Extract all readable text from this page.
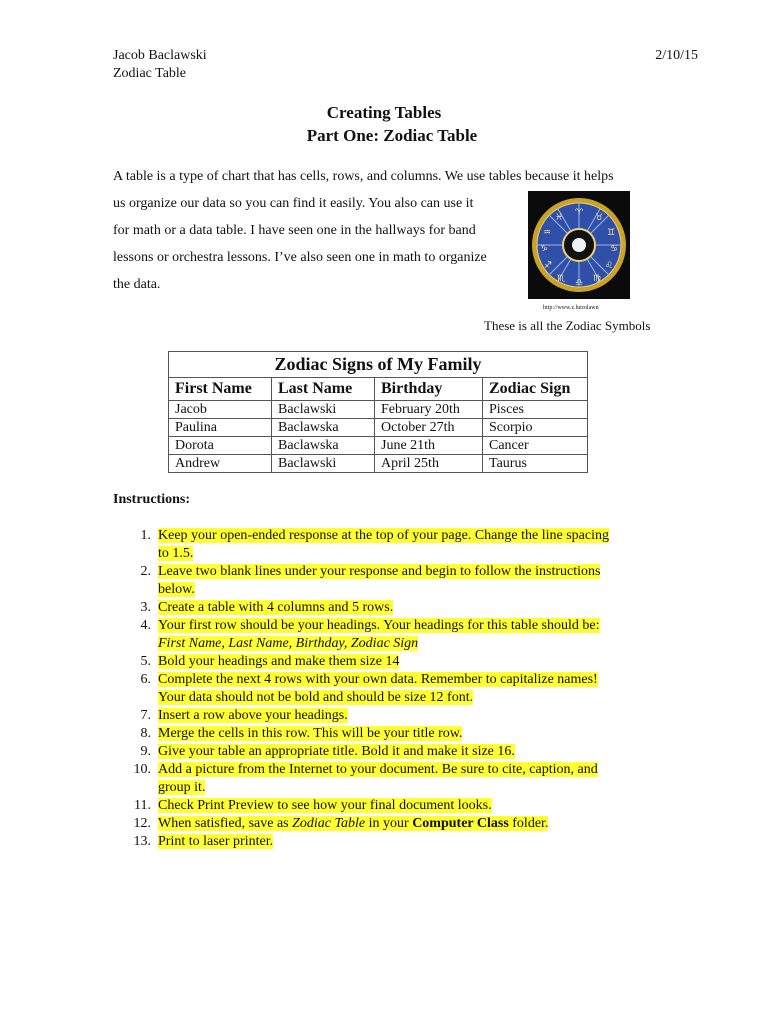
Jacob Baclawski
Zodiac Table
2/10/15
Creating Tables
Part One: Zodiac Table
A table is a type of chart that has cells, rows, and columns. We use tables because it helps
us organize our data so you can find it easily. You also can use it
for math or a data table. I have seen one in the hallways for band
lessons or orchestra lessons. I’ve also seen one in math to organize
the data.
♈ ♉
♊
♋
♌
♍
♎
♏
♐
♑
♒
♓
http://www.z.hezolawn
These is all the Zodiac Symbols
Zodiac Signs of My Family			
First Name	Last Name	Birthday	Zodiac Sign
Jacob	Baclawski	February 20th	Pisces
Paulina	Baclawska	October 27th	Scorpio
Dorota	Baclawska	June 21th	Cancer
Andrew	Baclawski	April 25th	Taurus
Instructions:
1. Keep your open-ended response at the top of your page. Change the line spacing
to 1.5.
2. Leave two blank lines under your response and begin to follow the instructions
below.
3. Create a table with 4 columns and 5 rows.
4. Your first row should be your headings. Your headings for this table should be:
First Name, Last Name, Birthday, Zodiac Sign
5. Bold your headings and make them size 14
6. Complete the next 4 rows with your own data. Remember to capitalize names!
Your data should not be bold and should be size 12 font.
7. Insert a row above your headings.
8. Merge the cells in this row. This will be your title row.
9. Give your table an appropriate title. Bold it and make it size 16.
10. Add a picture from the Internet to your document. Be sure to cite, caption, and
group it.
11. Check Print Preview to see how your final document looks.
12. When satisfied, save as Zodiac Table in your Computer Class folder.
13. Print to laser printer.
